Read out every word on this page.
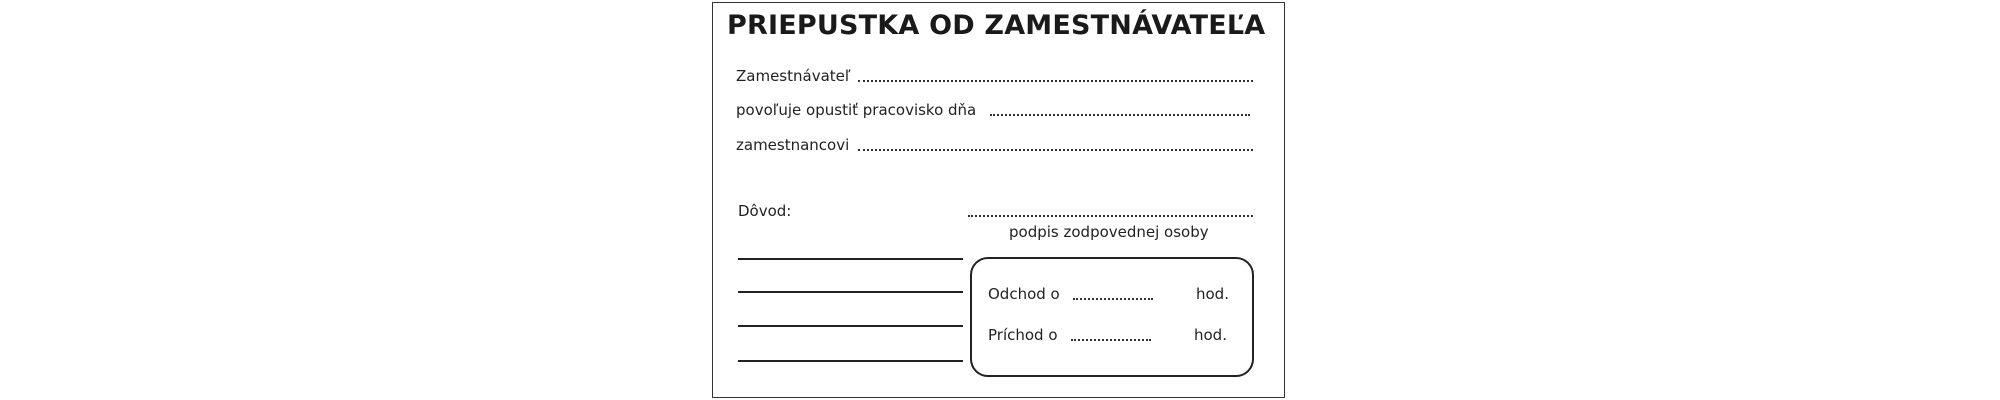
PRIEPUSTKA OD ZAMESTNÁVATEĽA
Zamestnávateľ
povoľuje opustiť pracovisko dňa
zamestnancovi
Dôvod:
podpis zodpovednej osoby
Odchod o	hod.
Príchod o	hod.
